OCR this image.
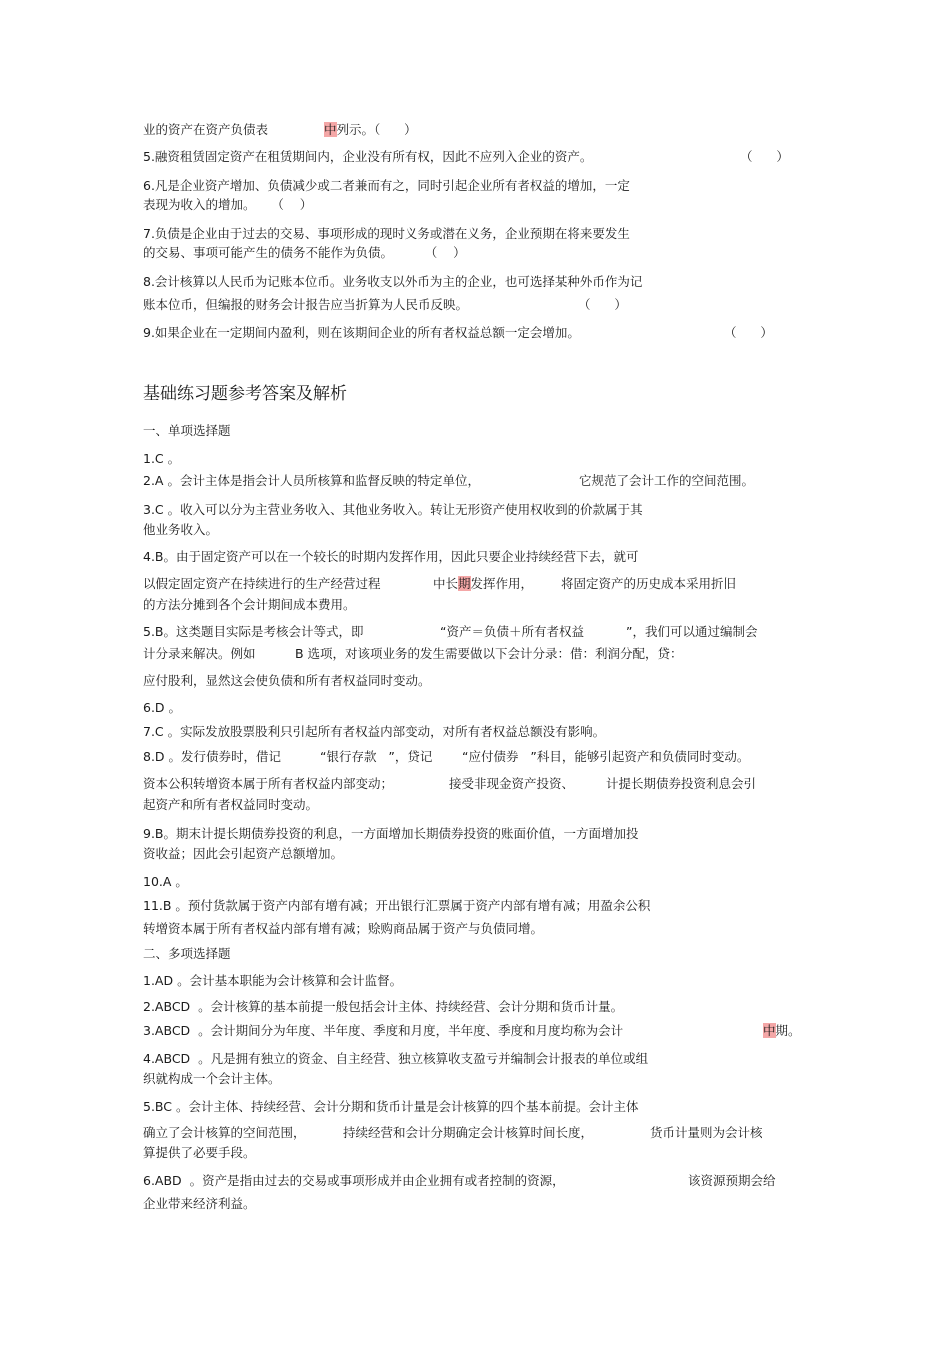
业的资产在资产负债表	中列示。（      ）
5.融资租赁固定资产在租赁期间内，企业没有所有权，因此不应列入企业的资产。	（      ）
6.凡是企业资产增加、负债减少或二者兼而有之，同时引起企业所有者权益的增加，一定
表现为收入的增加。    （    ）
7.负债是企业由于过去的交易、事项形成的现时义务或潜在义务，企业预期在将来要发生
的交易、事项可能产生的债务不能作为负债。        （    ）
8.会计核算以人民币为记账本位币。业务收支以外币为主的企业，也可选择某种外币作为记
账本位币，但编报的财务会计报告应当折算为人民币反映。	（      ）
9.如果企业在一定期间内盈利，则在该期间企业的所有者权益总额一定会增加。	（      ）
基础练习题参考答案及解析
一、单项选择题
1.C 。
2.A 。会计主体是指会计人员所核算和监督反映的特定单位，	它规范了会计工作的空间范围。
3.C 。收入可以分为主营业务收入、其他业务收入。转让无形资产使用权收到的价款属于其
他业务收入。
4.B。由于固定资产可以在一个较长的时期内发挥作用，因此只要企业持续经营下去，就可
以假定固定资产在持续进行的生产经营过程	中长期发挥作用， 将固定资产的历史成本采用折旧
的方法分摊到各个会计期间成本费用。
5.B。这类题目实际是考核会计等式，即	“资产＝负债＋所有者权益	”，我们可以通过编制会
计分录来解决。例如	B 选项，对该项业务的发生需要做以下会计分录：借：利润分配，贷：
应付股利，显然这会使负债和所有者权益同时变动。
6.D 。
7.C 。实际发放股票股利只引起所有者权益内部变动，对所有者权益总额没有影响。
8.D 。发行债券时，借记	“银行存款   ”，贷记 “应付债券   ”科目，能够引起资产和负债同时变动。
资本公积转增资本属于所有者权益内部变动；	接受非现金资产投资、	计提长期债券投资利息会引
起资产和所有者权益同时变动。
9.B。期末计提长期债券投资的利息，一方面增加长期债券投资的账面价值，一方面增加投
资收益；因此会引起资产总额增加。
10.A 。
11.B 。预付货款属于资产内部有增有减；开出银行汇票属于资产内部有增有减；用盈余公积
转增资本属于所有者权益内部有增有减；赊购商品属于资产与负债同增。
二、多项选择题
1.AD 。会计基本职能为会计核算和会计监督。
2.ABCD  。会计核算的基本前提一般包括会计主体、持续经营、会计分期和货币计量。
3.ABCD  。会计期间分为年度、半年度、季度和月度，半年度、季度和月度均称为会计	中期。
4.ABCD  。凡是拥有独立的资金、自主经营、独立核算收支盈亏并编制会计报表的单位或组
织就构成一个会计主体。
5.BC 。会计主体、持续经营、会计分期和货币计量是会计核算的四个基本前提。会计主体
确立了会计核算的空间范围，	持续经营和会计分期确定会计核算时间长度，	货币计量则为会计核
算提供了必要手段。
6.ABD  。资产是指由过去的交易或事项形成并由企业拥有或者控制的资源，	该资源预期会给
企业带来经济利益。
